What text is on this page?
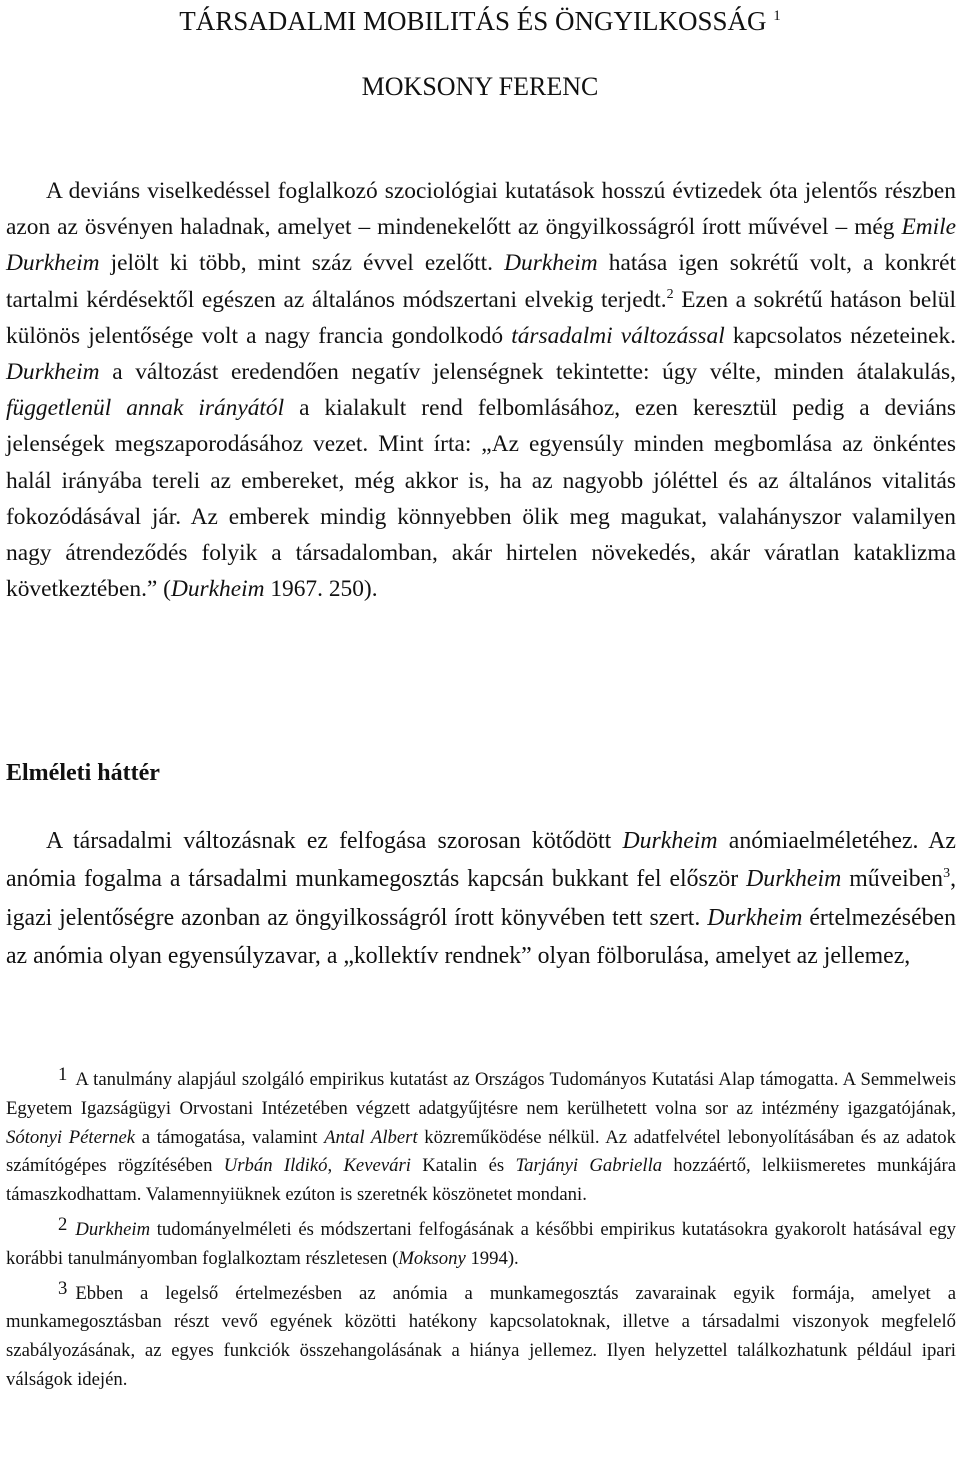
TÁRSADALMI MOBILITÁS ÉS ÖNGYILKOSSÁG $^1$

MOKSONY FERENC

A deviáns viselkedéssel foglalkozó szociológiai kutatások hosszú évtizedek óta jelentős részben azon az ösvényen haladnak, amelyet – mindenekelőtt az öngyilkosságról írott művével – még Emile Durkheim jelölt ki több, mint száz évvel ezelőtt. Durkheim hatása igen sokrétű volt, a konkrét tartalmi kérdésektől egészen az általános módszertani elvekig terjedt.$^2$ Ezen a sokrétű hatáson belül különös jelentősége volt a nagy francia gondolkodó társadalmi változással kapcsolatos nézeteinek. Durkheim a változást eredendően negatív jelenségnek tekintette: úgy vélte, minden átalakulás, függetlenül annak irányától a kialakult rend felbomlásához, ezen keresztül pedig a deviáns jelenségek megszaporodásához vezet. Mint írta: „Az egyensúly minden megbomlása az önkéntes halál irányába tereli az embereket, még akkor is, ha az nagyobb jóléttel és az általános vitalitás fokozódásával jár. Az emberek mindig könnyebben ölik meg magukat, valahányszor valamilyen nagy átrendeződés folyik a társadalomban, akár hirtelen növekedés, akár váratlan kataklizma következtében.” (Durkheim 1967. 250).

Elméleti háttér

A társadalmi változásnak ez felfogása szorosan kötődött Durkheim anómiaelméletéhez. Az anómia fogalma a társadalmi munkamegosztás kapcsán bukkant fel először Durkheim műveiben$^3$, igazi jelentőségre azonban az öngyilkosságról írott könyvében tett szert. Durkheim értelmezésében az anómia olyan egyensúlyzavar, a „kollektív rendnek” olyan fölborulása, amelyet az jellemez,

1 A tanulmány alapjául szolgáló empirikus kutatást az Országos Tudományos Kutatási Alap támogatta. A Semmelweis Egyetem Igazságügyi Orvostani Intézetében végzett adatgyűjtésre nem kerülhetett volna sor az intézmény igazgatójának, Sótonyi Péternek a támogatása, valamint Antal Albert közreműködése nélkül. Az adatfelvétel lebonyolításában és az adatok számítógépes rögzítésében Urbán Ildikó, Kevevári Katalin és Tarjányi Gabriella hozzáértő, lelkiismeretes munkájára támaszkodhattam. Valamennyiüknek ezúton is szeretnék köszönetet mondani.

2 Durkheim tudományelméleti és módszertani felfogásának a későbbi empirikus kutatásokra gyakorolt hatásával egy korábbi tanulmányomban foglalkoztam részletesen (Moksony 1994).

3 Ebben a legelső értelmezésben az anómia a munkamegosztás zavarainak egyik formája, amelyet a munkamegosztásban részt vevő egyének közötti hatékony kapcsolatoknak, illetve a társadalmi viszonyok megfelelő szabályozásának, az egyes funkciók összehangolásának a hiánya jellemez. Ilyen helyzettel találkozhatunk például ipari válságok idején.
